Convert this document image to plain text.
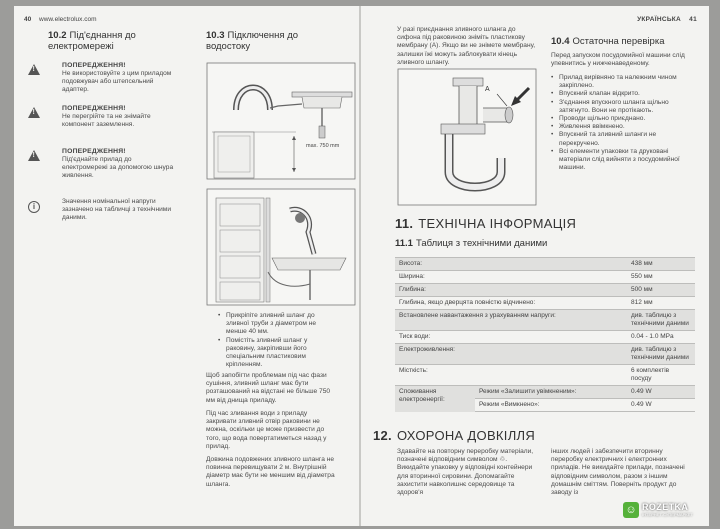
40 www.electrolux.com
10.2 Під'єднання до електромережі
!
ПОПЕРЕДЖЕННЯ!
Не використовуйте з цим приладом подовжувач або штепсельний адаптер.
!
ПОПЕРЕДЖЕННЯ!
Не перегрійте та не знімайте компонент заземлення.
!
ПОПЕРЕДЖЕННЯ!
Під'єднайте прилад до електромережі за допомогою шнура живлення.
i
Значення номінальної напруги зазначено на табличці з технічними даними.
10.3 Підключення до водостоку
max. 750 mm
• Прикріпіте зливний шланг до зливної труби з діаметром не менше 40 мм.
• Помістіть зливний шланг у раковину, закріпивши його спеціальним пластиковим кріпленням.
Щоб запобігти проблемам під час фази сушіння, зливний шланг має бути розташований на відстані не більше 750 мм від днища приладу.
Під час зливання води з приладу закривати зливний отвір раковини не можна, оскільки це може призвести до того, що вода повертатиметься назад у прилад.
Довжина подовжених зливного шланга не повинна перевищувати 2 м. Внутрішній діаметр має бути не меншим від діаметра шланга.
УКРАЇНСЬКА 41
У разі приєднання зливного шланга до сифона під раковиною зніміть пластикову мембрану (A). Якщо ви не знімете мембрану, залишки їжі можуть заблокувати кінець зливного шлангу.
A
10.4 Остаточна перевірка
Перед запуском посудомийної машини слід упевнитись у нижченаведеному.
• Прилад вирівняно та належним чином закріплено.
• Впускний клапан відкрито.
• З'єднання впускного шланга щільно затягнуто. Вони не протікають.
• Проводи щільно приєднано.
• Живлення ввімкнено.
• Впускний та зливний шланги не перекручено.
• Всі елементи упаковки та друковані матеріали слід вийняти з посудомийної машини.
11. ТЕХНІЧНА ІНФОРМАЦІЯ
11.1 Таблиця з технічними даними
Висота:		438 мм
Ширина:		550 мм
Глибина:		500 мм
Глибина, якщо дверцята повністю відчинено:		812 мм
Встановлене навантаження з урахуванням напруги:		див. таблицю з технічними даними
Тиск води:		0.04 - 1.0 MPa
Електроживлення:		див. таблицю з технічними даними
Місткість:		6 комплектів посуду
Споживання електроенергії:	Режим «Залишити увімкненим»:	0.49 W
	Режим «Вимкнено»:	0.49 W
12. ОХОРОНА ДОВКІЛЛЯ
Здавайте на повторну переробку матеріали, позначені відповідним символом ♲. Викидайте упаковку у відповідні контейнери для вторинної сировини. Допомагайте захистити навколишнє середовище та здоров'я
інших людей і забезпечити вторинну переробку електричних і електронних приладів. Не викидайте прилади, позначені відповідним символом, разом з іншим домашнім сміттям. Поверніть продукт до заводу із
☺ ROZETKA
ІНТЕРНЕТ-СУПЕРМАРКЕТ
